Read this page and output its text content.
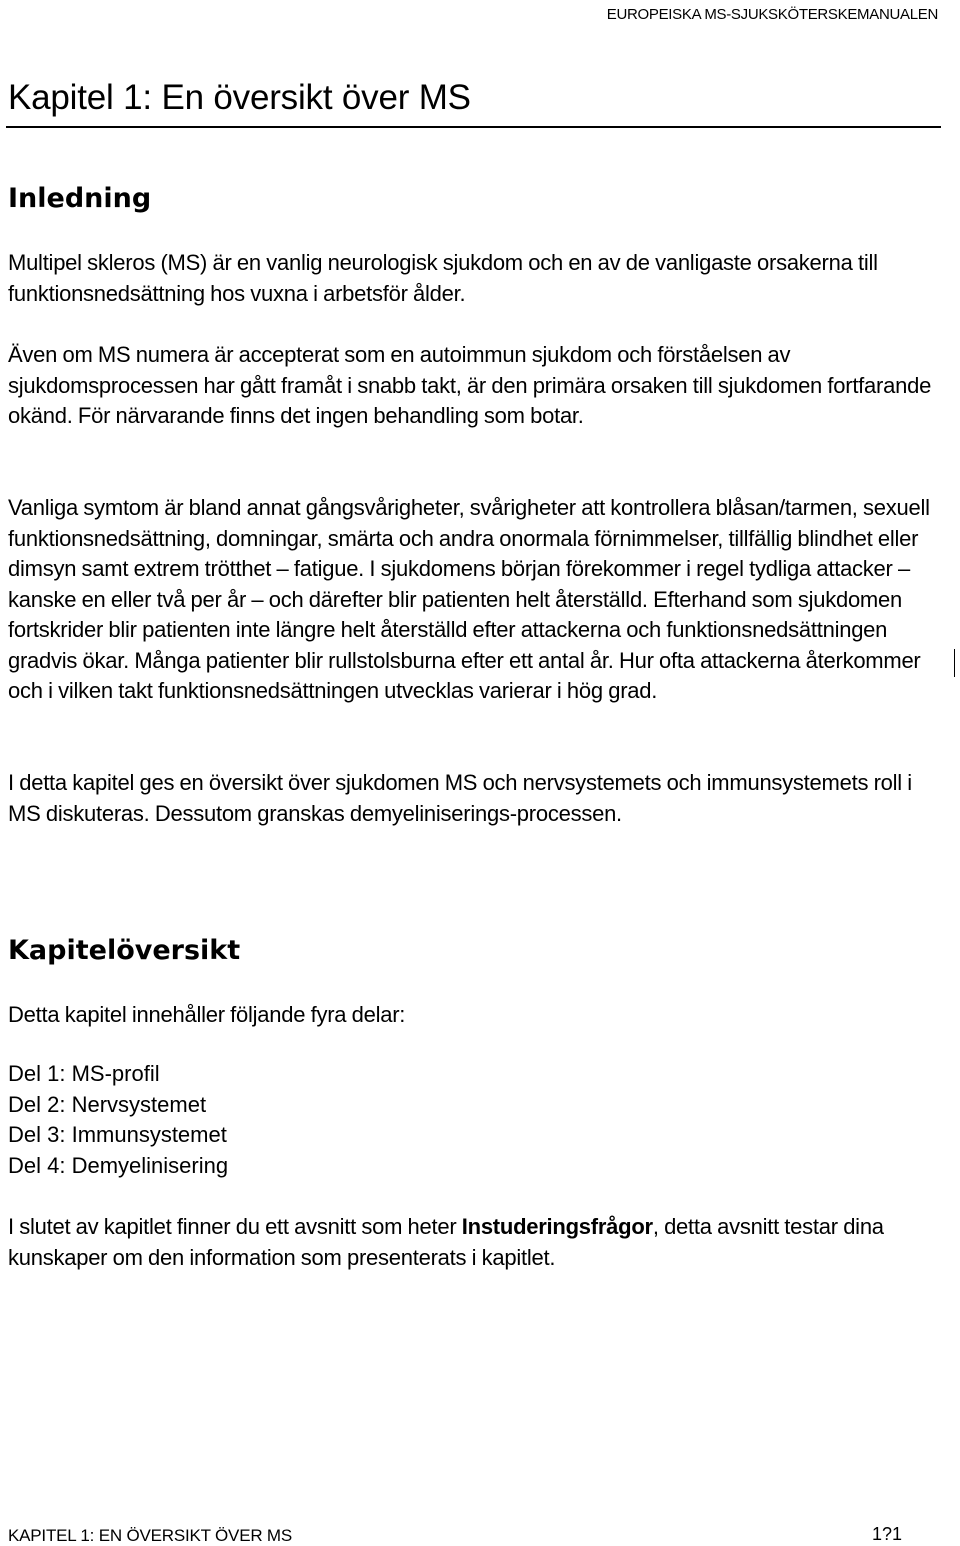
EUROPEISKA MS-SJUKSKÖTERSKEMANUALEN
Kapitel 1: En översikt över MS
Inledning

Multipel skleros (MS) är en vanlig neurologisk sjukdom och en av de vanligaste orsakerna till funktionsnedsättning hos vuxna i arbetsför ålder.

Även om MS numera är accepterat som en autoimmun sjukdom och förståelsen av sjukdomsprocessen har gått framåt i snabb takt, är den primära orsaken till sjukdomen fortfarande okänd. För närvarande finns det ingen behandling som botar.

Vanliga symtom är bland annat gångsvårigheter, svårigheter att kontrollera blåsan/tarmen, sexuell funktionsnedsättning, domningar, smärta och andra onormala förnimmelser, tillfällig blindhet eller dimsyn samt extrem trötthet – fatigue. I sjukdomens början förekommer i regel tydliga attacker – kanske en eller två per år – och därefter blir patienten helt återställd. Efterhand som sjukdomen fortskrider blir patienten inte längre helt återställd efter attackerna och funktionsnedsättningen gradvis ökar. Många patienter blir rullstolsburna efter ett antal år. Hur ofta attackerna återkommer och i vilken takt funktionsnedsättningen utvecklas varierar i hög grad.

I detta kapitel ges en översikt över sjukdomen MS och nervsystemets och immunsystemets roll i MS diskuteras. Dessutom granskas demyeliniserings-processen.

Kapitelöversikt

Detta kapitel innehåller följande fyra delar:

Del 1: MS-profil
Del 2: Nervsystemet
Del 3: Immunsystemet
Del 4: Demyelinisering

I slutet av kapitlet finner du ett avsnitt som heter Instuderingsfrågor, detta avsnitt testar dina kunskaper om den information som presenterats i kapitlet.

KAPITEL 1: EN ÖVERSIKT ÖVER MS	1?1
